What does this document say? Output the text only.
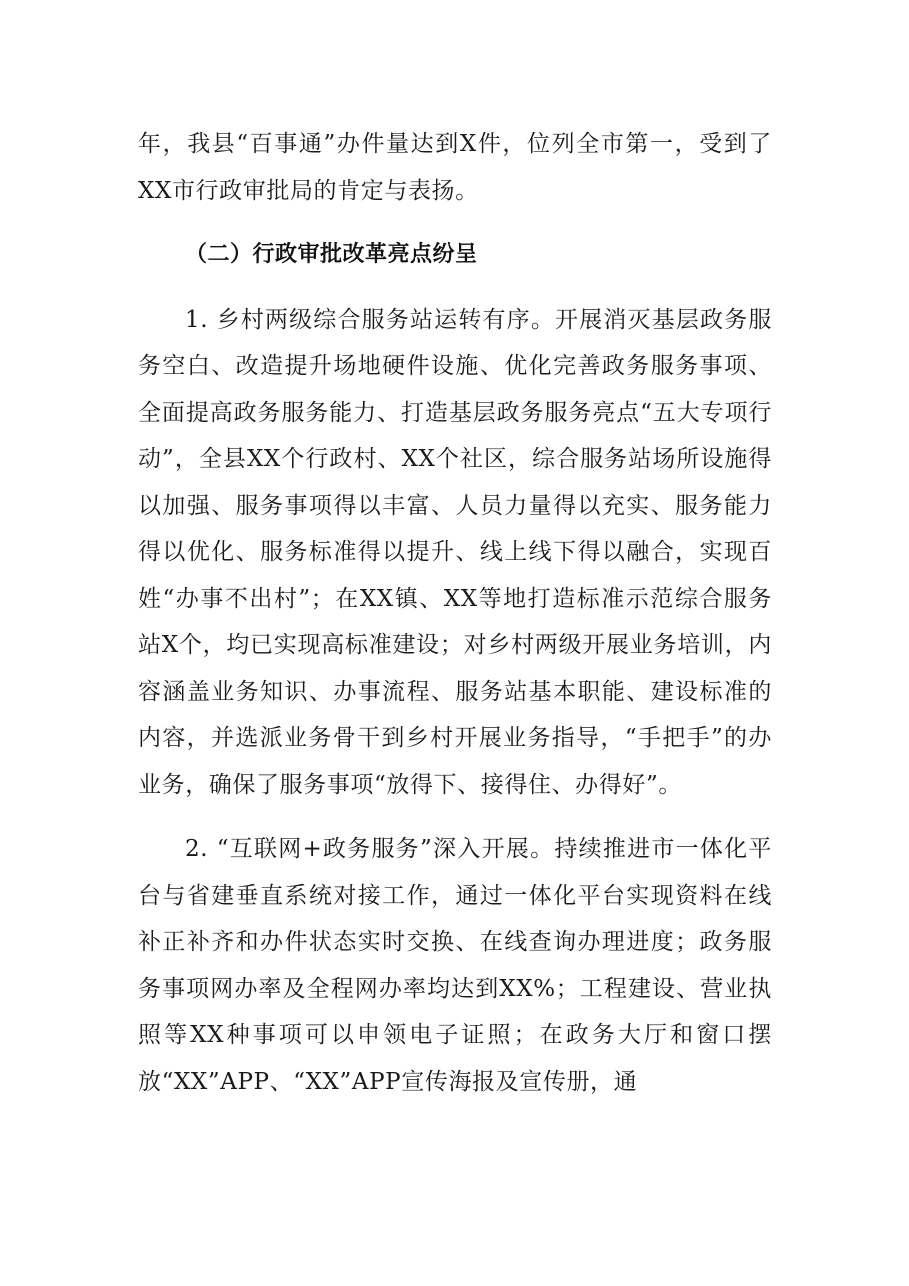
年，我县“百事通”办件量达到X件，位列全市第一，受到了XX市行政审批局的肯定与表扬。

（二）行政审批改革亮点纷呈

1. 乡村两级综合服务站运转有序。开展消灭基层政务服务空白、改造提升场地硬件设施、优化完善政务服务事项、全面提高政务服务能力、打造基层政务服务亮点“五大专项行动”，全县XX个行政村、XX个社区，综合服务站场所设施得以加强、服务事项得以丰富、人员力量得以充实、服务能力得以优化、服务标准得以提升、线上线下得以融合，实现百姓“办事不出村”；在XX镇、XX等地打造标准示范综合服务站X个，均已实现高标准建设；对乡村两级开展业务培训，内容涵盖业务知识、办事流程、服务站基本职能、建设标准的内容，并选派业务骨干到乡村开展业务指导，“手把手”的办业务，确保了服务事项“放得下、接得住、办得好”。

2. “互联网+政务服务”深入开展。持续推进市一体化平台与省建垂直系统对接工作，通过一体化平台实现资料在线补正补齐和办件状态实时交换、在线查询办理进度；政务服务事项网办率及全程网办率均达到XX%；工程建设、营业执照等XX种事项可以申领电子证照；在政务大厅和窗口摆放“XX”APP、“XX”APP宣传海报及宣传册，通
